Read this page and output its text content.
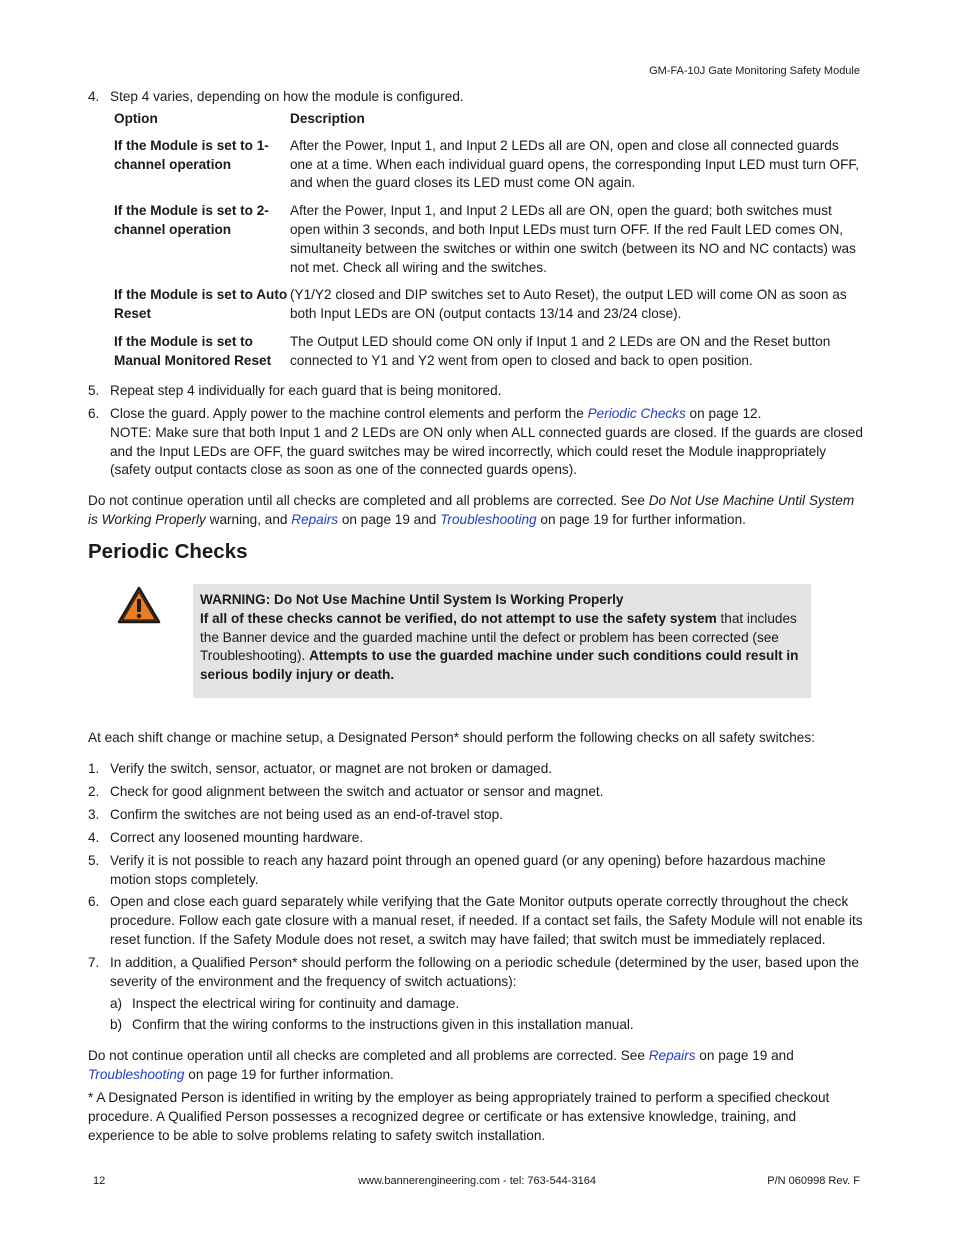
GM-FA-10J Gate Monitoring Safety Module
4. Step 4 varies, depending on how the module is configured.
Option	Description
If the Module is set to 1-channel operation	After the Power, Input 1, and Input 2 LEDs all are ON, open and close all connected guards one at a time. When each individual guard opens, the corresponding Input LED must turn OFF, and when the guard closes its LED must come ON again.
If the Module is set to 2-channel operation	After the Power, Input 1, and Input 2 LEDs all are ON, open the guard; both switches must open within 3 seconds, and both Input LEDs must turn OFF. If the red Fault LED comes ON, simultaneity between the switches or within one switch (between its NO and NC contacts) was not met. Check all wiring and the switches.
If the Module is set to Auto Reset	(Y1/Y2 closed and DIP switches set to Auto Reset), the output LED will come ON as soon as both Input LEDs are ON (output contacts 13/14 and 23/24 close).
If the Module is set to Manual Monitored Reset	The Output LED should come ON only if Input 1 and 2 LEDs are ON and the Reset button connected to Y1 and Y2 went from open to closed and back to open position.
5. Repeat step 4 individually for each guard that is being monitored.
6. Close the guard. Apply power to the machine control elements and perform the Periodic Checks on page 12.
NOTE: Make sure that both Input 1 and 2 LEDs are ON only when ALL connected guards are closed. If the guards are closed and the Input LEDs are OFF, the guard switches may be wired incorrectly, which could reset the Module inappropriately (safety output contacts close as soon as one of the connected guards opens).
Do not continue operation until all checks are completed and all problems are corrected. See Do Not Use Machine Until System is Working Properly warning, and Repairs on page 19 and Troubleshooting on page 19 for further information.
Periodic Checks
WARNING: Do Not Use Machine Until System Is Working Properly
If all of these checks cannot be verified, do not attempt to use the safety system that includes the Banner device and the guarded machine until the defect or problem has been corrected (see Troubleshooting). Attempts to use the guarded machine under such conditions could result in serious bodily injury or death.
At each shift change or machine setup, a Designated Person* should perform the following checks on all safety switches:
1. Verify the switch, sensor, actuator, or magnet are not broken or damaged.
2. Check for good alignment between the switch and actuator or sensor and magnet.
3. Confirm the switches are not being used as an end-of-travel stop.
4. Correct any loosened mounting hardware.
5. Verify it is not possible to reach any hazard point through an opened guard (or any opening) before hazardous machine motion stops completely.
6. Open and close each guard separately while verifying that the Gate Monitor outputs operate correctly throughout the check procedure. Follow each gate closure with a manual reset, if needed. If a contact set fails, the Safety Module will not enable its reset function. If the Safety Module does not reset, a switch may have failed; that switch must be immediately replaced.
7. In addition, a Qualified Person* should perform the following on a periodic schedule (determined by the user, based upon the severity of the environment and the frequency of switch actuations):
a) Inspect the electrical wiring for continuity and damage.
b) Confirm that the wiring conforms to the instructions given in this installation manual.
Do not continue operation until all checks are completed and all problems are corrected. See Repairs on page 19 and Troubleshooting on page 19 for further information.
* A Designated Person is identified in writing by the employer as being appropriately trained to perform a specified checkout procedure. A Qualified Person possesses a recognized degree or certificate or has extensive knowledge, training, and experience to be able to solve problems relating to safety switch installation.
12	www.bannerengineering.com - tel: 763-544-3164	P/N 060998 Rev. F
